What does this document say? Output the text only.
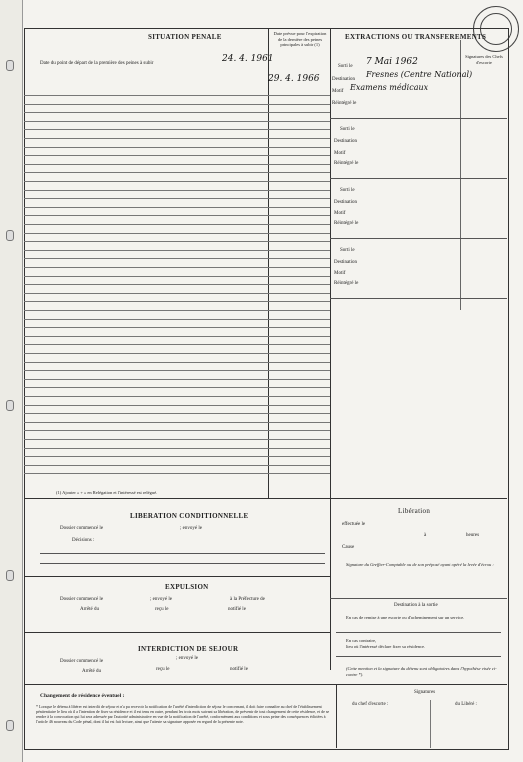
SITUATION PENALE
Date du point de départ de la première des peines à subir	24. 4. 1961
Date prévue pour l'expiration de la dernière des peines principales à subir (1)
29. 4. 1966
(1) Ajouter « + » en Relégation et l'intéressé est relégué.
EXTRACTIONS OU TRANSFEREMENTS
Signatures des Chefs d'escorte
Sorti le 7 Mai 1962
Destination
Fresnes (Centre National)
Motif Examens médicaux
Réintégré le
Sorti le
Destination
Motif
Réintégré le
Sorti le
Destination
Motif
Réintégré le
Sorti le
Destination
Motif
Réintégré le
LIBERATION CONDITIONNELLE
Dossier commencé le	; envoyé le
Décisions :
EXPULSION
Dossier commencé le	; envoyé le	à la Préfecture de
Arrêté du	reçu le	notifié le
INTERDICTION DE SEJOUR
Dossier commencé le
; envoyé le
Arrêté du	reçu le	notifié le
Libération
effectuée le
à	heures
Cause
Signature du Greffier-Comptable ou de son préposé ayant opéré la levée d'écrou :
Destination à la sortie
En cas de remise à une escorte ou d'acheminement sur un service.
En cas contraire,
lieu où l'intéressé déclare fixer sa résidence.
(Cette mention et la signature du détenu sont obligatoires dans l'hypothèse visée ci-contre *).
Signatures
du chef d'escorte :	du Libéré :
Changement de résidence éventuel :
* Lorsque le détenu à libérer est interdit de séjour et n'a pu recevoir la notification de l'arrêté d'interdiction de séjour le concernant, il doit faire connaître au chef de l'établissement pénitentiaire le lieu où il a l'intention de fixer sa résidence et il est tenu en outre, pendant les trois mois suivant sa libération, de prévenir de tout changement de cette résidence, et de se rendre à la convocation qui lui sera adressée par l'autorité administrative en vue de la notification de l'arrêté, conformément aux conditions et sous peine des conséquences édictées à l'article 46 nouveau du Code pénal, dont il lui est fait lecture, ainsi que l'atteste sa signature apposée en regard de la présente note.
